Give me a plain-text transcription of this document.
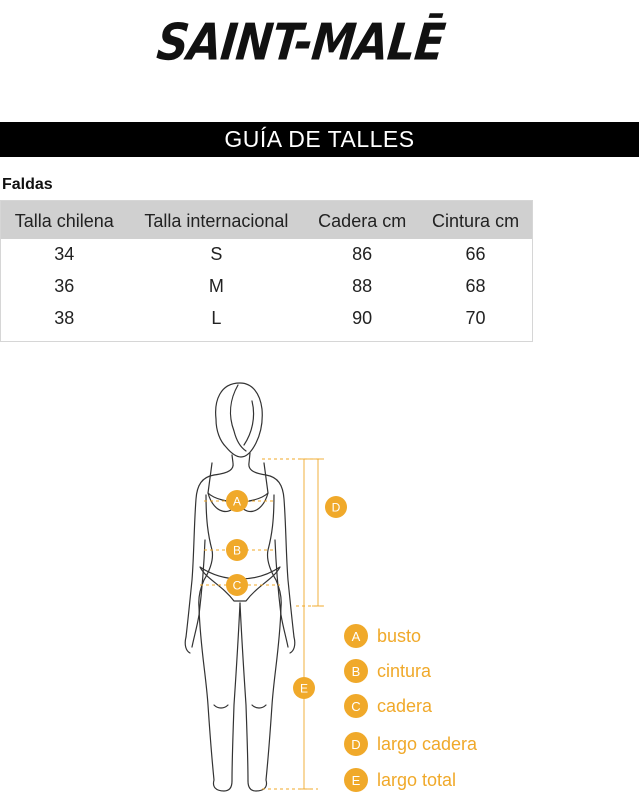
SAINT-MALĒ
GUÍA DE TALLES
Faldas
Talla chilena	Talla internacional	Cadera cm	Cintura cm
34	S	86	66
36	M	88	68
38	L	90	70
A
B
C
D
E
A busto
B cintura
C cadera
D largo cadera
E largo total
